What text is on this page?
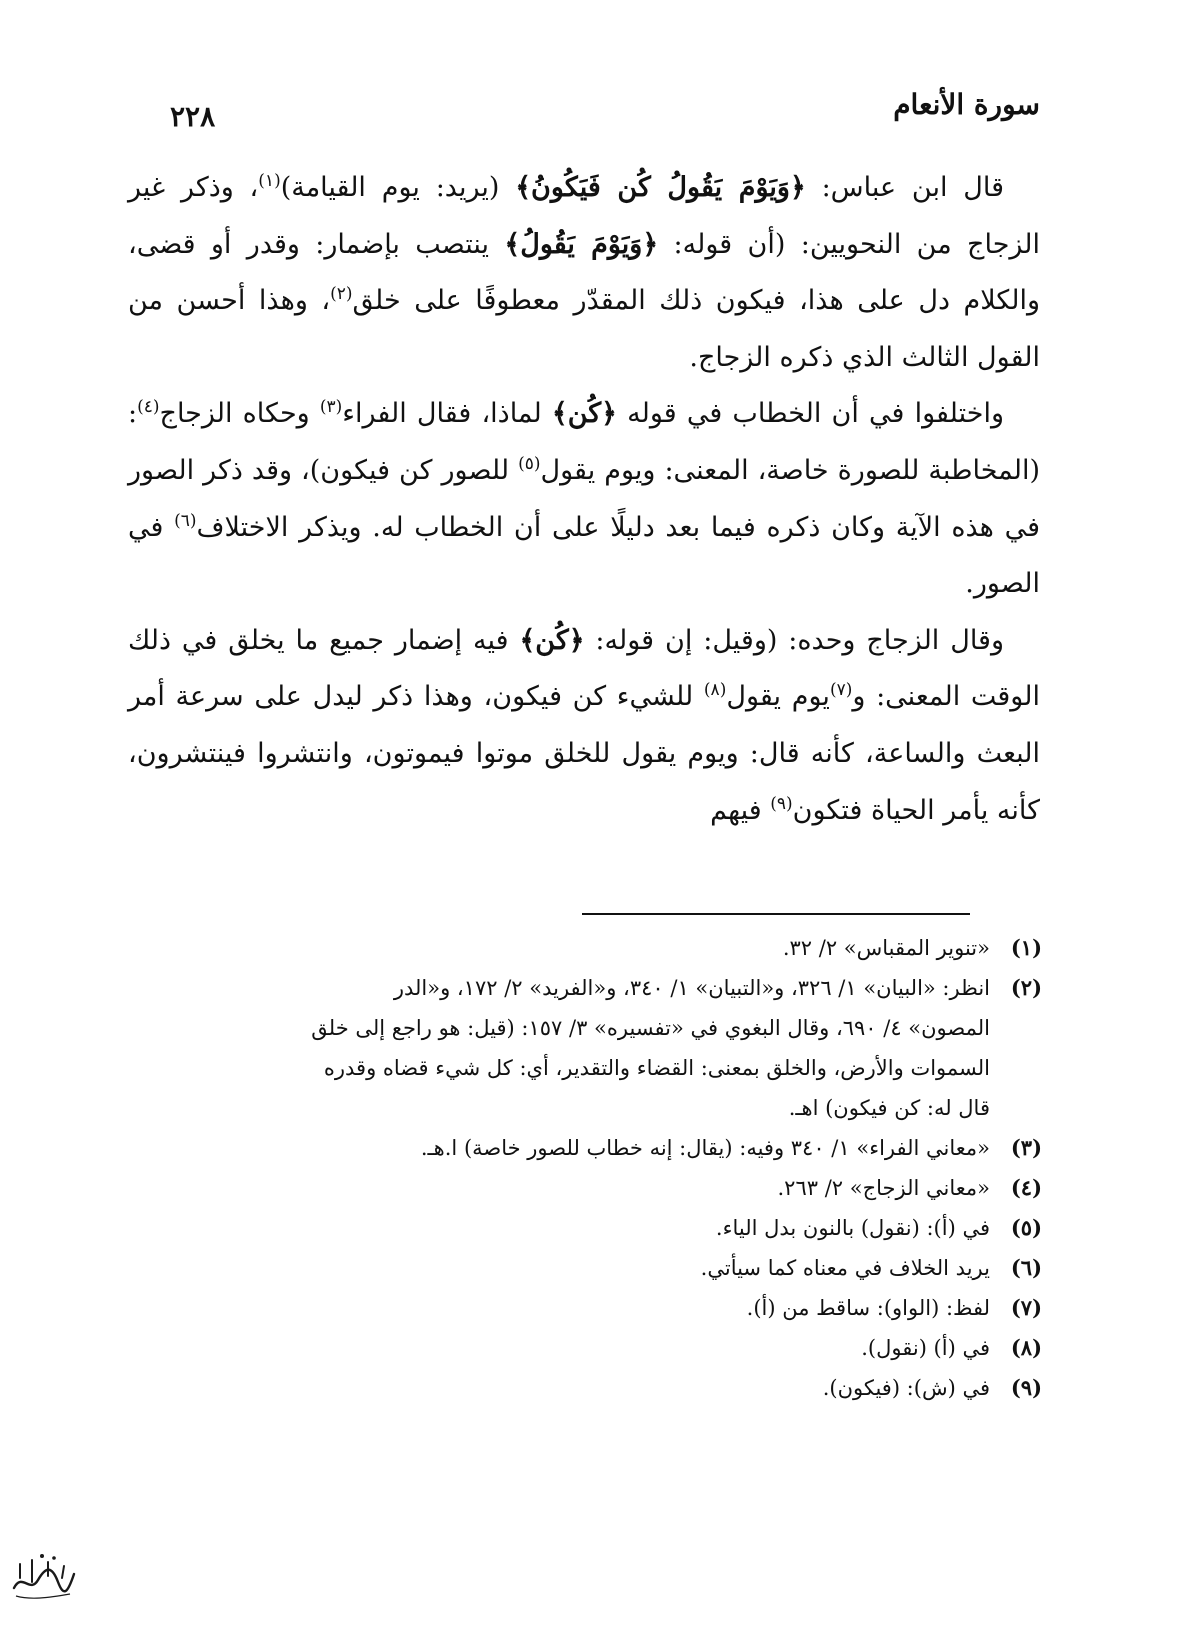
سورة الأنعام
٢٢٨

قال ابن عباس: ﴿وَيَوْمَ يَقُولُ كُن فَيَكُونُ﴾ (يريد: يوم القيامة)$^{(١)}$، وذكر غير الزجاج من النحويين: (أن قوله: ﴿وَيَوْمَ يَقُولُ﴾ ينتصب بإضمار: وقدر أو قضى، والكلام دل على هذا، فيكون ذلك المقدّر معطوفًا على خلق$^{(٢)}$، وهذا أحسن من القول الثالث الذي ذكره الزجاج.

واختلفوا في أن الخطاب في قوله ﴿كُن﴾ لماذا، فقال الفراء$^{(٣)}$ وحكاه الزجاج$^{(٤)}$: (المخاطبة للصورة خاصة، المعنى: ويوم يقول$^{(٥)}$ للصور كن فيكون)، وقد ذكر الصور في هذه الآية وكان ذكره فيما بعد دليلًا على أن الخطاب له. ويذكر الاختلاف$^{(٦)}$ في الصور.

وقال الزجاج وحده: (وقيل: إن قوله: ﴿كُن﴾ فيه إضمار جميع ما يخلق في ذلك الوقت المعنى: و$^{(٧)}$يوم يقول$^{(٨)}$ للشيء كن فيكون، وهذا ذكر ليدل على سرعة أمر البعث والساعة، كأنه قال: ويوم يقول للخلق موتوا فيموتون، وانتشروا فينتشرون، كأنه يأمر الحياة فتكون$^{(٩)}$ فيهم

(١)
«تنوير المقباس» ٢/ ٣٢.
(٢)
انظر: «البيان» ١/ ٣٢٦، و«التبيان» ١/ ٣٤٠، و«الفريد» ٢/ ١٧٢، و«الدر
المصون» ٤/ ٦٩٠، وقال البغوي في «تفسيره» ٣/ ١٥٧: (قيل: هو راجع إلى خلق
السموات والأرض، والخلق بمعنى: القضاء والتقدير، أي: كل شيء قضاه وقدره
قال له: كن فيكون) اهـ.
(٣)
«معاني الفراء» ١/ ٣٤٠ وفيه: (يقال: إنه خطاب للصور خاصة) ا.هـ.
(٤)
«معاني الزجاج» ٢/ ٢٦٣.
(٥)
في (أ): (نقول) بالنون بدل الياء.
(٦)
يريد الخلاف في معناه كما سيأتي.
(٧)
لفظ: (الواو): ساقط من (أ).
(٨)
في (أ) (نقول).
(٩)
في (ش): (فيكون).
